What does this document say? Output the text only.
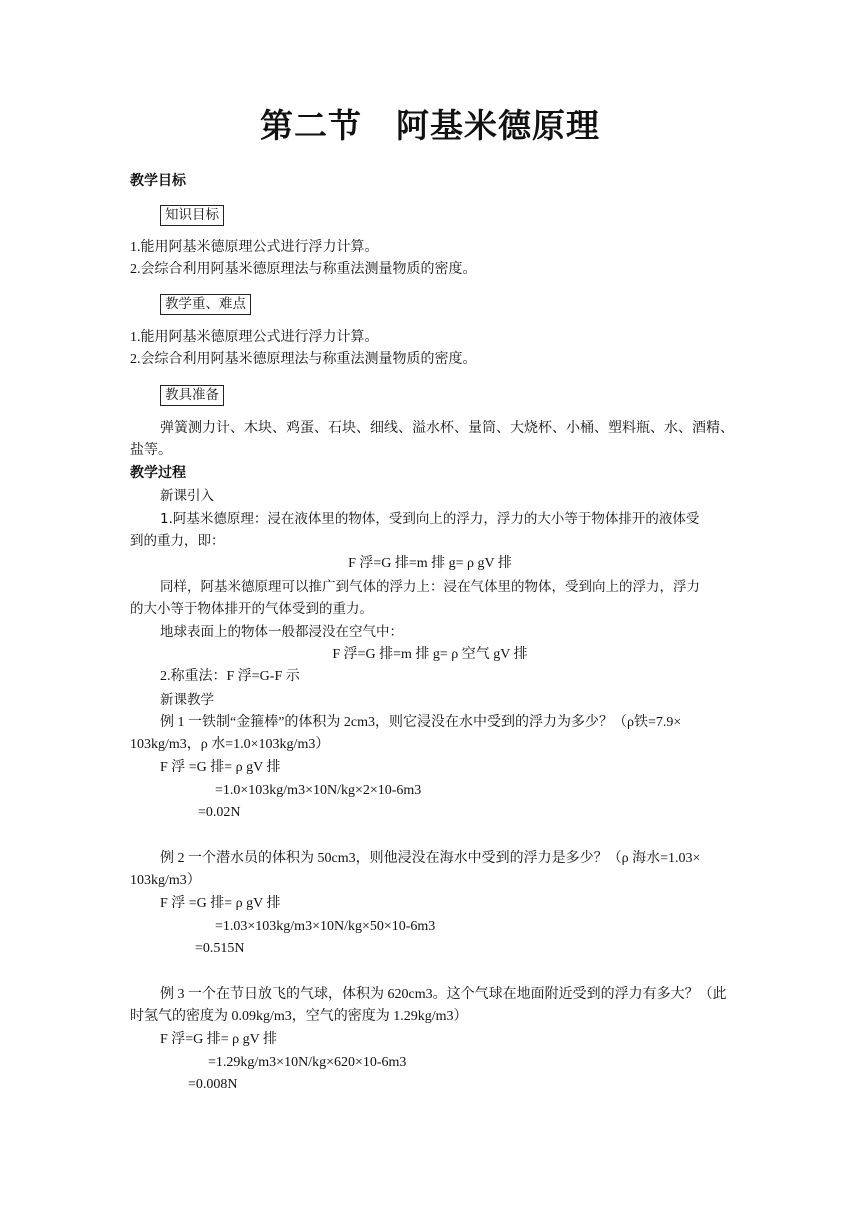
第二节　阿基米德原理
教学目标
知识目标
1.能用阿基米德原理公式进行浮力计算。
2.会综合利用阿基米德原理法与称重法测量物质的密度。
教学重、难点
1.能用阿基米德原理公式进行浮力计算。
2.会综合利用阿基米德原理法与称重法测量物质的密度。
教具准备
弹簧测力计、木块、鸡蛋、石块、细线、溢水杯、量筒、大烧杯、小桶、塑料瓶、水、酒精、
盐等。
教学过程
新课引入
1.阿基米德原理：浸在液体里的物体，受到向上的浮力，浮力的大小等于物体排开的液体受
到的重力，即：
F 浮=G 排=m 排 g= ρ gV 排
同样，阿基米德原理可以推广到气体的浮力上：浸在气体里的物体，受到向上的浮力，浮力
的大小等于物体排开的气体受到的重力。
地球表面上的物体一般都浸没在空气中：
F 浮=G 排=m 排 g= ρ 空气 gV 排
2.称重法：F 浮=G-F 示
新课教学
例 1 一铁制“金箍棒”的体积为 2cm3，则它浸没在水中受到的浮力为多少？（ρ铁=7.9×
103kg/m3，ρ 水=1.0×103kg/m3）
F 浮 =G 排= ρ gV 排
=1.0×103kg/m3×10N/kg×2×10-6m3
=0.02N
例 2 一个潜水员的体积为 50cm3，则他浸没在海水中受到的浮力是多少？（ρ 海水=1.03×
103kg/m3）
F 浮 =G 排= ρ gV 排
=1.03×103kg/m3×10N/kg×50×10-6m3
=0.515N
例 3 一个在节日放飞的气球，体积为 620cm3。这个气球在地面附近受到的浮力有多大？（此
时氢气的密度为 0.09kg/m3，空气的密度为 1.29kg/m3）
F 浮=G 排= ρ gV 排
=1.29kg/m3×10N/kg×620×10-6m3
=0.008N
